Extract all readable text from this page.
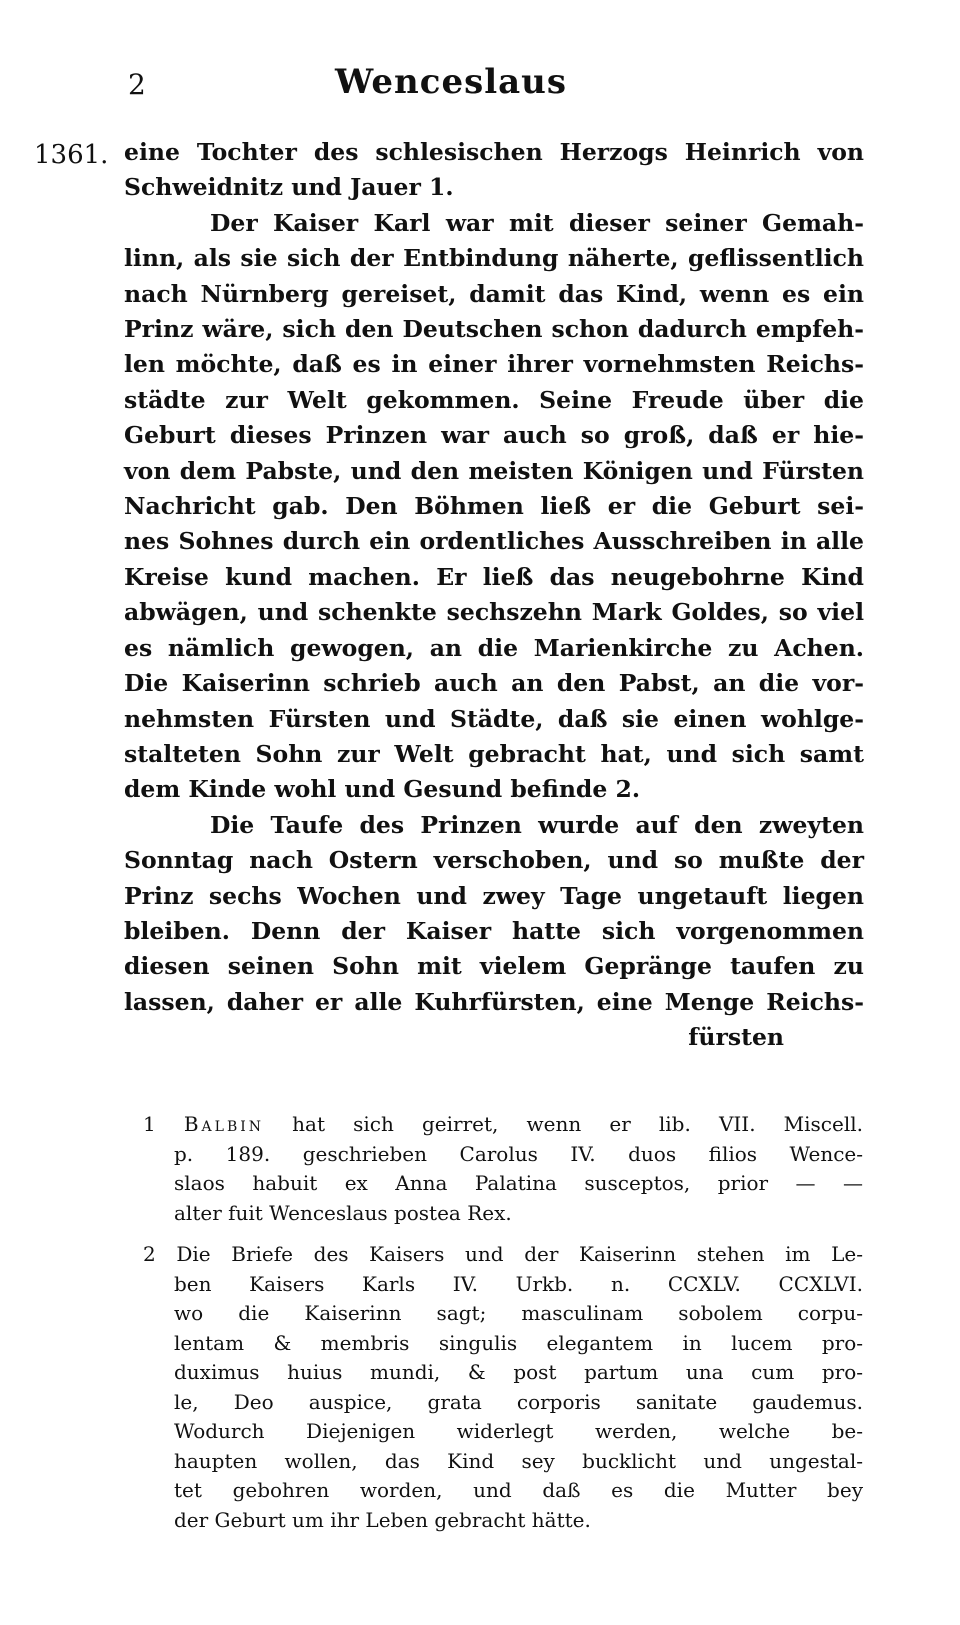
2	Wenceslaus
1361. eine Tochter des schlesischen Herzogs Heinrich von
Schweidnitz und Jauer 1.
Der Kaiser Karl war mit dieser seiner Gemah-
linn, als sie sich der Entbindung näherte, geflissentlich
nach Nürnberg gereiset, damit das Kind, wenn es ein
Prinz wäre, sich den Deutschen schon dadurch empfeh-
len möchte, daß es in einer ihrer vornehmsten Reichs-
städte zur Welt gekommen. Seine Freude über die
Geburt dieses Prinzen war auch so groß, daß er hie-
von dem Pabste, und den meisten Königen und Fürsten
Nachricht gab. Den Böhmen ließ er die Geburt sei-
nes Sohnes durch ein ordentliches Ausschreiben in alle
Kreise kund machen. Er ließ das neugebohrne Kind
abwägen, und schenkte sechszehn Mark Goldes, so viel
es nämlich gewogen, an die Marienkirche zu Achen.
Die Kaiserinn schrieb auch an den Pabst, an die vor-
nehmsten Fürsten und Städte, daß sie einen wohlge-
stalteten Sohn zur Welt gebracht hat, und sich samt
dem Kinde wohl und Gesund befinde 2.
Die Taufe des Prinzen wurde auf den zweyten
Sonntag nach Ostern verschoben, und so mußte der
Prinz sechs Wochen und zwey Tage ungetauft liegen
bleiben. Denn der Kaiser hatte sich vorgenommen
diesen seinen Sohn mit vielem Gepränge taufen zu
lassen, daher er alle Kuhrfürsten, eine Menge Reichs-
fürsten
1 Balbin hat sich geirret, wenn er lib. VII. Miscell.
p. 189. geschrieben Carolus IV. duos filios Wence-
slaos habuit ex Anna Palatina susceptos, prior — —
alter fuit Wenceslaus postea Rex.
2 Die Briefe des Kaisers und der Kaiserinn stehen im Le-
ben Kaisers Karls IV. Urkb. n. CCXLV. CCXLVI.
wo die Kaiserinn sagt; masculinam sobolem corpu-
lentam & membris singulis elegantem in lucem pro-
duximus huius mundi, & post partum una cum pro-
le, Deo auspice, grata corporis sanitate gaudemus.
Wodurch Diejenigen widerlegt werden, welche be-
haupten wollen, das Kind sey bucklicht und ungestal-
tet gebohren worden, und daß es die Mutter bey
der Geburt um ihr Leben gebracht hätte.
